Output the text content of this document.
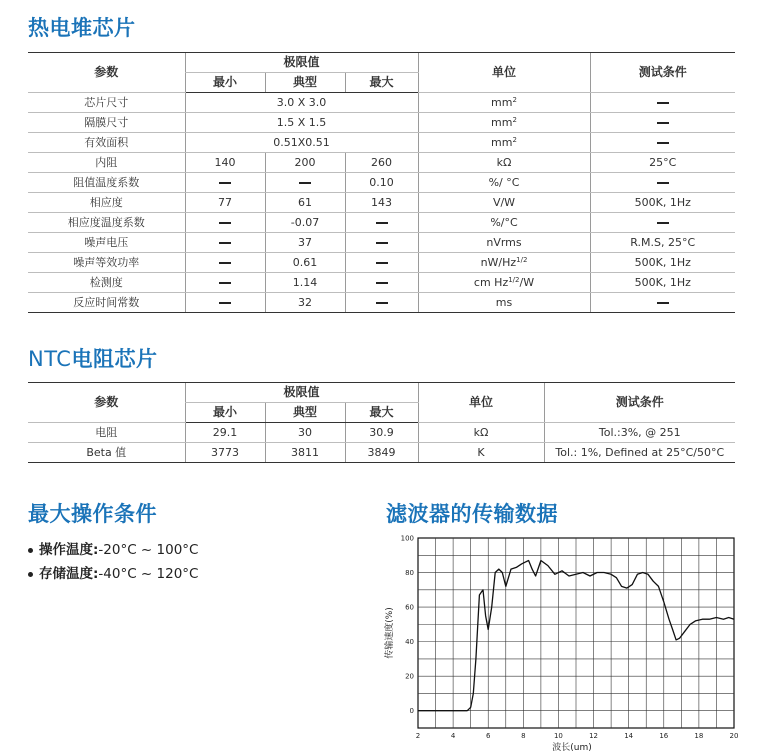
热电堆芯片
参数	极限值			单位	测试条件
	最小	典型	最大		
芯片尺寸	3.0 X 3.0			$mm^2$	
隔膜尺寸	1.5 X 1.5			$mm^2$	
有效面积	0.51X0.51			$mm^2$	
内阻	140	200	260	kΩ	25°C
阻值温度系数			0.10	%/ °C	
相应度	77	61	143	V/W	500K, 1Hz
相应度温度系数		-0.07		%/°C	
噪声电压		37		nVrms	R.M.S, 25°C
噪声等效功率		0.61		$nW/Hz^{1/2}$	500K, 1Hz
检测度		1.14		cm $Hz^{1/2}/W$	500K, 1Hz
反应时间常数		32		ms	
NTC电阻芯片
参数	极限值			单位	测试条件
	最小	典型	最大		
电阻	29.1	30	30.9	kΩ	Tol.:3%, @ 251
Beta 值	3773	3811	3849	K	Tol.: 1%, Defined at 25°C/50°C
最大操作条件
操作温度:-20°C ~ 100°C
存储温度:-40°C ~ 120°C
滤波器的传输数据
2	4	6	8	10	12	14	16	18	20
0
20
40
60
80
100
波长(um)
传输速度(%)
